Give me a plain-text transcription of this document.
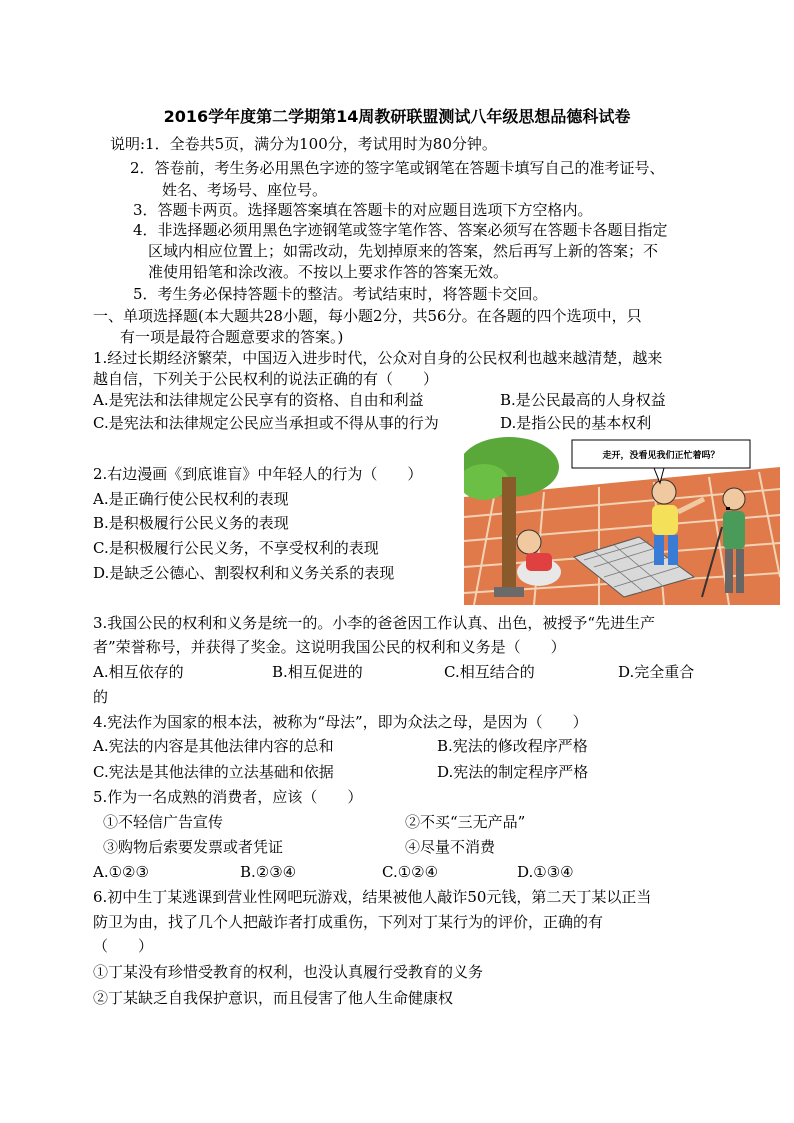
2016学年度第二学期第14周教研联盟测试八年级思想品德科试卷
说明:1．全卷共5页，满分为100分，考试用时为80分钟。
2．答卷前，考生务必用黑色字迹的签字笔或钢笔在答题卡填写自己的准考证号、
姓名、考场号、座位号。
3．答题卡两页。选择题答案填在答题卡的对应题目选项下方空格内。
4．非选择题必须用黑色字迹钢笔或签字笔作答、答案必须写在答题卡各题目指定
区域内相应位置上；如需改动，先划掉原来的答案，然后再写上新的答案；不
准使用铅笔和涂改液。不按以上要求作答的答案无效。
5．考生务必保持答题卡的整洁。考试结束时，将答题卡交回。
一、单项选择题(本大题共28小题，每小题2分，共56分。在各题的四个选项中，只
有一项是最符合题意要求的答案。)
1.经过长期经济繁荣，中国迈入进步时代，公众对自身的公民权利也越来越清楚，越来
越自信，下列关于公民权利的说法正确的有（　　）
A.是宪法和法律规定公民享有的资格、自由和利益	B.是公民最高的人身权益
C.是宪法和法律规定公民应当承担或不得从事的行为	D.是指公民的基本权利
2.右边漫画《到底谁盲》中年轻人的行为（　　）
A.是正确行使公民权利的表现
B.是积极履行公民义务的表现
C.是积极履行公民义务，不享受权利的表现
D.是缺乏公德心、割裂权利和义务关系的表现
走开，没看见我们正忙着吗？
3.我国公民的权利和义务是统一的。小李的爸爸因工作认真、出色，被授予“先进生产
者”荣誉称号，并获得了奖金。这说明我国公民的权利和义务是（　　）
A.相互依存的	B.相互促进的	C.相互结合的	D.完全重合
的
4.宪法作为国家的根本法，被称为“母法”，即为众法之母，是因为（　　）
A.宪法的内容是其他法律内容的总和	B.宪法的修改程序严格
C.宪法是其他法律的立法基础和依据	D.宪法的制定程序严格
5.作为一名成熟的消费者，应该（　　）
①不轻信广告宣传	②不买“三无产品”
③购物后索要发票或者凭证	④尽量不消费
A.①②③	B.②③④	C.①②④	D.①③④
6.初中生丁某逃课到营业性网吧玩游戏，结果被他人敲诈50元钱，第二天丁某以正当
防卫为由，找了几个人把敲诈者打成重伤，下列对丁某行为的评价，正确的有
（　　）
①丁某没有珍惜受教育的权利，也没认真履行受教育的义务
②丁某缺乏自我保护意识，而且侵害了他人生命健康权
